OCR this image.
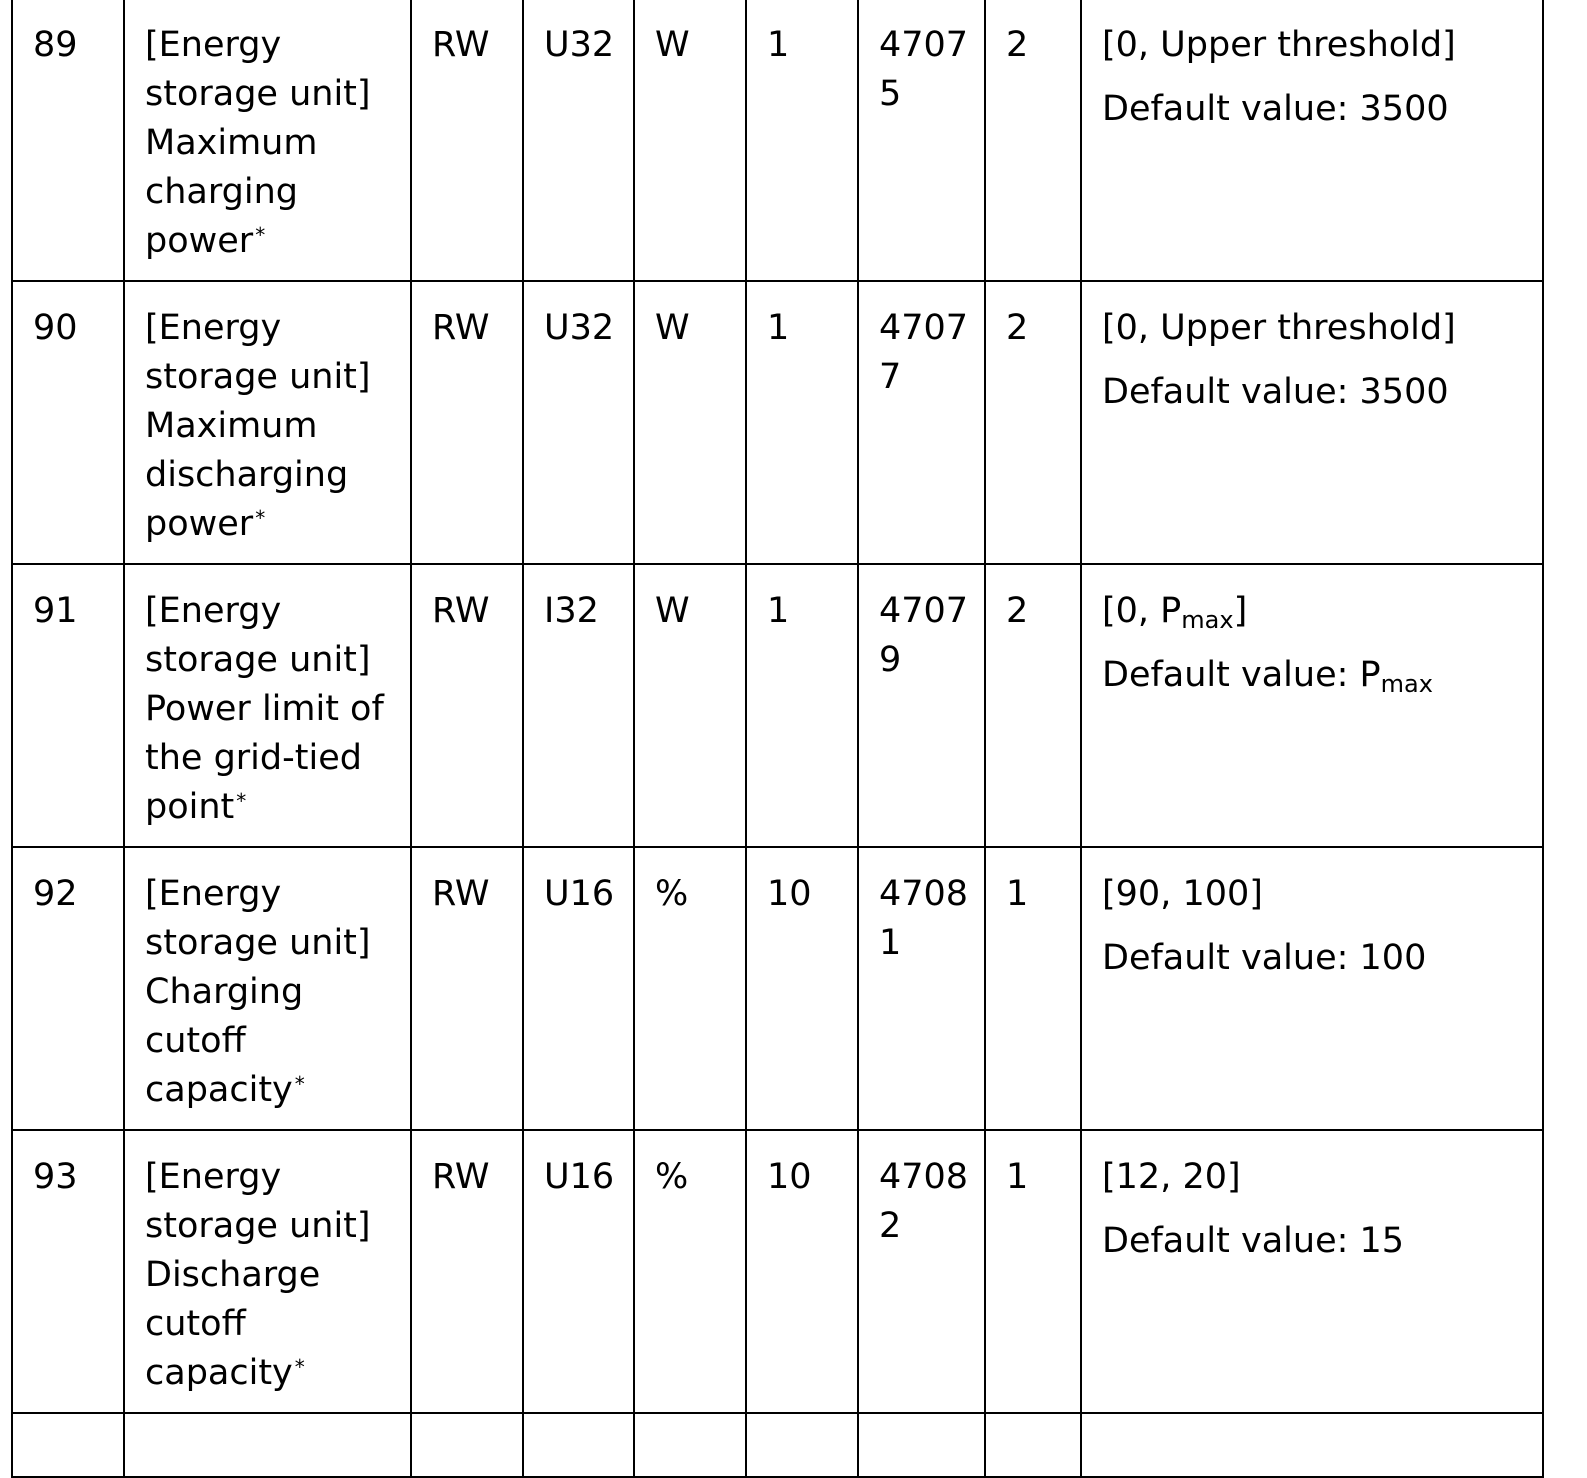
89	[Energy storage unit] Maximum charging power *	RW	U32	W	1	47075	2	[0, Upper threshold]
Default value: 3500

90	[Energy storage unit] Maximum discharging power *	RW	U32	W	1	47077	2	[0, Upper threshold]
Default value: 3500

91	[Energy storage unit] Power limit of the grid-tied point *	RW	I32	W	1	47079	2	[0, $P_{max}$]
Default value: $P_{max}$

92	[Energy storage unit] Charging cutoff capacity *	RW	U16	%	10	47081	1	[90, 100]
Default value: 100

93	[Energy storage unit] Discharge cutoff capacity *	RW	U16	%	10	47082	1	[12, 20]
Default value: 15
